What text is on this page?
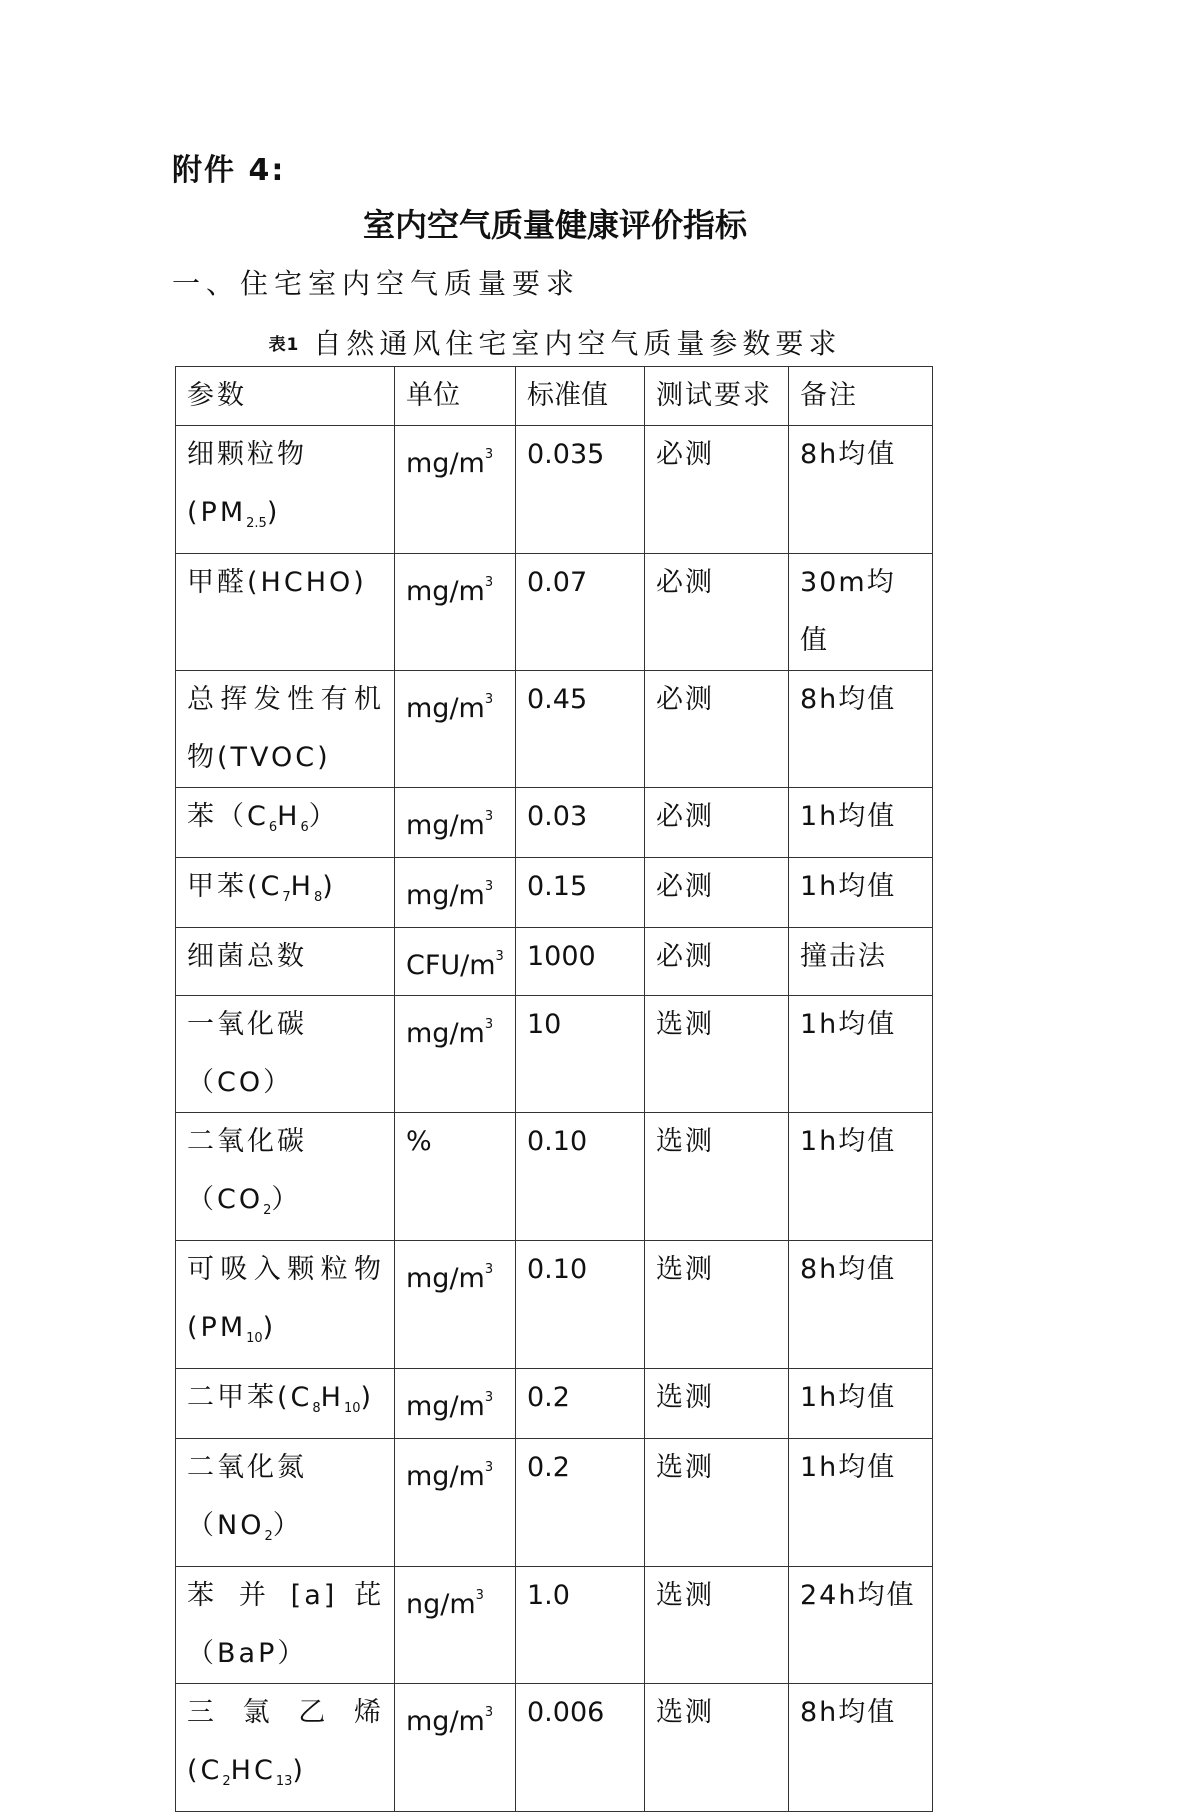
附件 4:
室内空气质量健康评价指标
一、住宅室内空气质量要求
表1 自然通风住宅室内空气质量参数要求
参数	单位	标准值	测试要求	备注

细颗粒物$(PM_{2.5})$	$mg/m^3$	0.035	必测	8h均值

甲醛(HCHO)	$mg/m^3$	0.07	必测	30m均值

总挥发性有机
物(TVOC)	$mg/m^3$	0.45	必测	8h均值

苯$(C_6H_6)$	$mg/m^3$	0.03	必测	1h均值

甲苯$(C_7H_8)$	$mg/m^3$	0.15	必测	1h均值

细菌总数	CFU/$m^3$	1000	必测	撞击法

一氧化碳（CO）	$mg/m^3$	10	选测	1h均值

二氧化碳$(CO_2)$	%	0.10	选测	1h均值

可吸入颗粒物
$(PM_{10})$	$mg/m^3$	0.10	选测	8h均值

二甲苯$(C_8H_{10})$	$mg/m^3$	0.2	选测	1h均值

二氧化氮$(NO_2)$	$mg/m^3$	0.2	选测	1h均值

苯 并 [a] 芘
（BaP）	$ng/m^3$	1.0	选测	24h均值

三 氯 乙 烯
$(C_2HC_{13})$	$mg/m^3$	0.006	选测	8h均值
